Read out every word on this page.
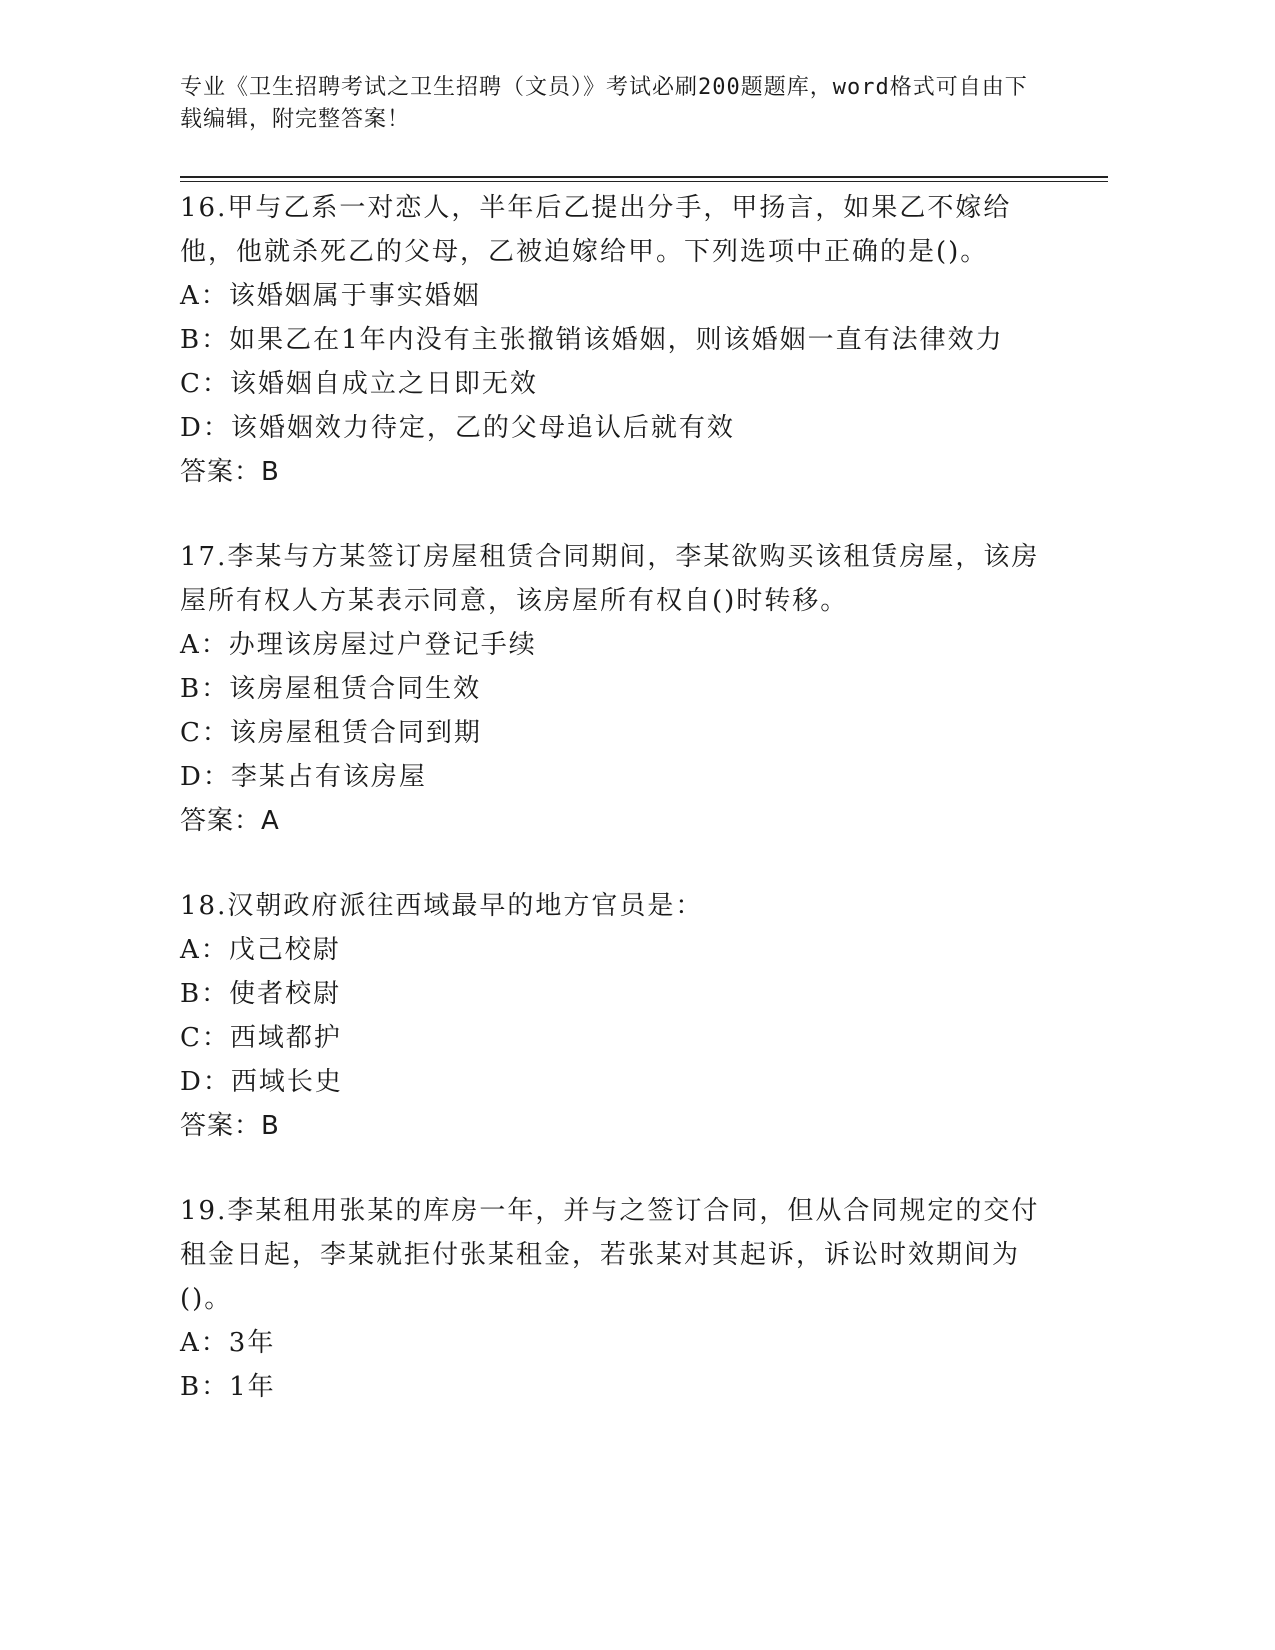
专业《卫生招聘考试之卫生招聘（文员）》考试必刷200题题库，word格式可自由下载编辑，附完整答案！
16.甲与乙系一对恋人，半年后乙提出分手，甲扬言，如果乙不嫁给他，他就杀死乙的父母，乙被迫嫁给甲。下列选项中正确的是()。
A：该婚姻属于事实婚姻
B：如果乙在1年内没有主张撤销该婚姻，则该婚姻一直有法律效力
C：该婚姻自成立之日即无效
D：该婚姻效力待定，乙的父母追认后就有效
答案：B
17.李某与方某签订房屋租赁合同期间，李某欲购买该租赁房屋，该房屋所有权人方某表示同意，该房屋所有权自()时转移。
A：办理该房屋过户登记手续
B：该房屋租赁合同生效
C：该房屋租赁合同到期
D：李某占有该房屋
答案：A
18.汉朝政府派往西域最早的地方官员是：
A：戊己校尉
B：使者校尉
C：西域都护
D：西域长史
答案：B
19.李某租用张某的库房一年，并与之签订合同，但从合同规定的交付租金日起，李某就拒付张某租金，若张某对其起诉，诉讼时效期间为()。
A：3年
B：1年
